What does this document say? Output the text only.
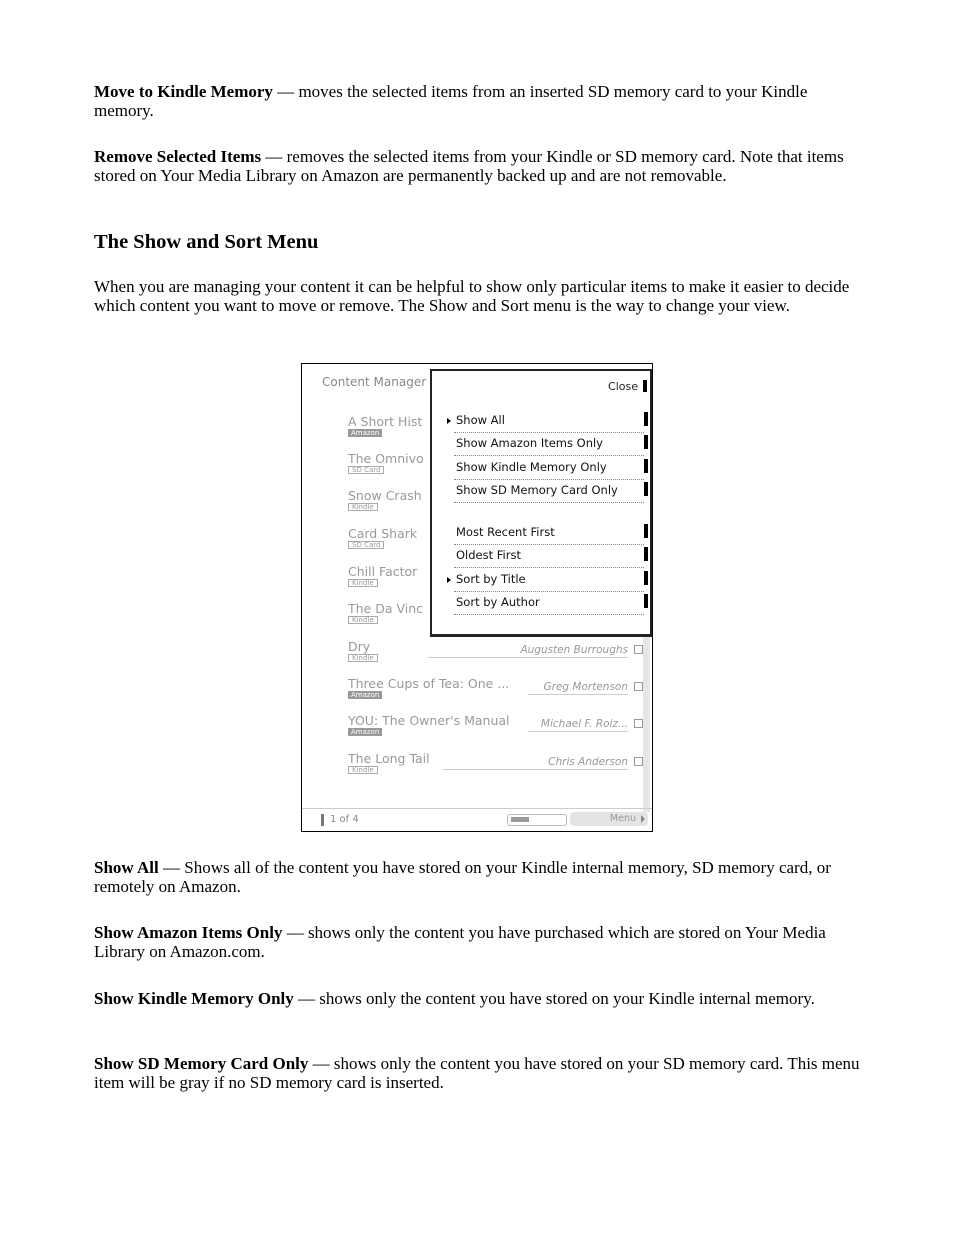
Move to Kindle Memory — moves the selected items from an inserted SD memory card to your Kindle memory.

Remove Selected Items — removes the selected items from your Kindle or SD memory card. Note that items stored on Your Media Library on Amazon are permanently backed up and are not removable.

The Show and Sort Menu

When you are managing your content it can be helpful to show only particular items to make it easier to decide which content you want to move or remove. The Show and Sort menu is the way to change your view.

Content Manager
A Short Hist
Amazon
The Omnivo
SD Card
Snow Crash
Kindle
Card Shark
SD Card
Chill Factor
Kindle
The Da Vinc
Kindle
Dry	Augusten Burroughs
Kindle
Three Cups of Tea: One ...	Greg Mortenson
Amazon
YOU: The Owner's Manual	Michael F. Roiz...
Amazon
The Long Tail	Chris Anderson
Kindle
1 of 4	Menu
Close
Show All
Show Amazon Items Only
Show Kindle Memory Only
Show SD Memory Card Only
Most Recent First
Oldest First
Sort by Title
Sort by Author

Show All — Shows all of the content you have stored on your Kindle internal memory, SD memory card, or remotely on Amazon.

Show Amazon Items Only — shows only the content you have purchased which are stored on Your Media Library on Amazon.com.

Show Kindle Memory Only — shows only the content you have stored on your Kindle internal memory.

Show SD Memory Card Only — shows only the content you have stored on your SD memory card. This menu item will be gray if no SD memory card is inserted.
